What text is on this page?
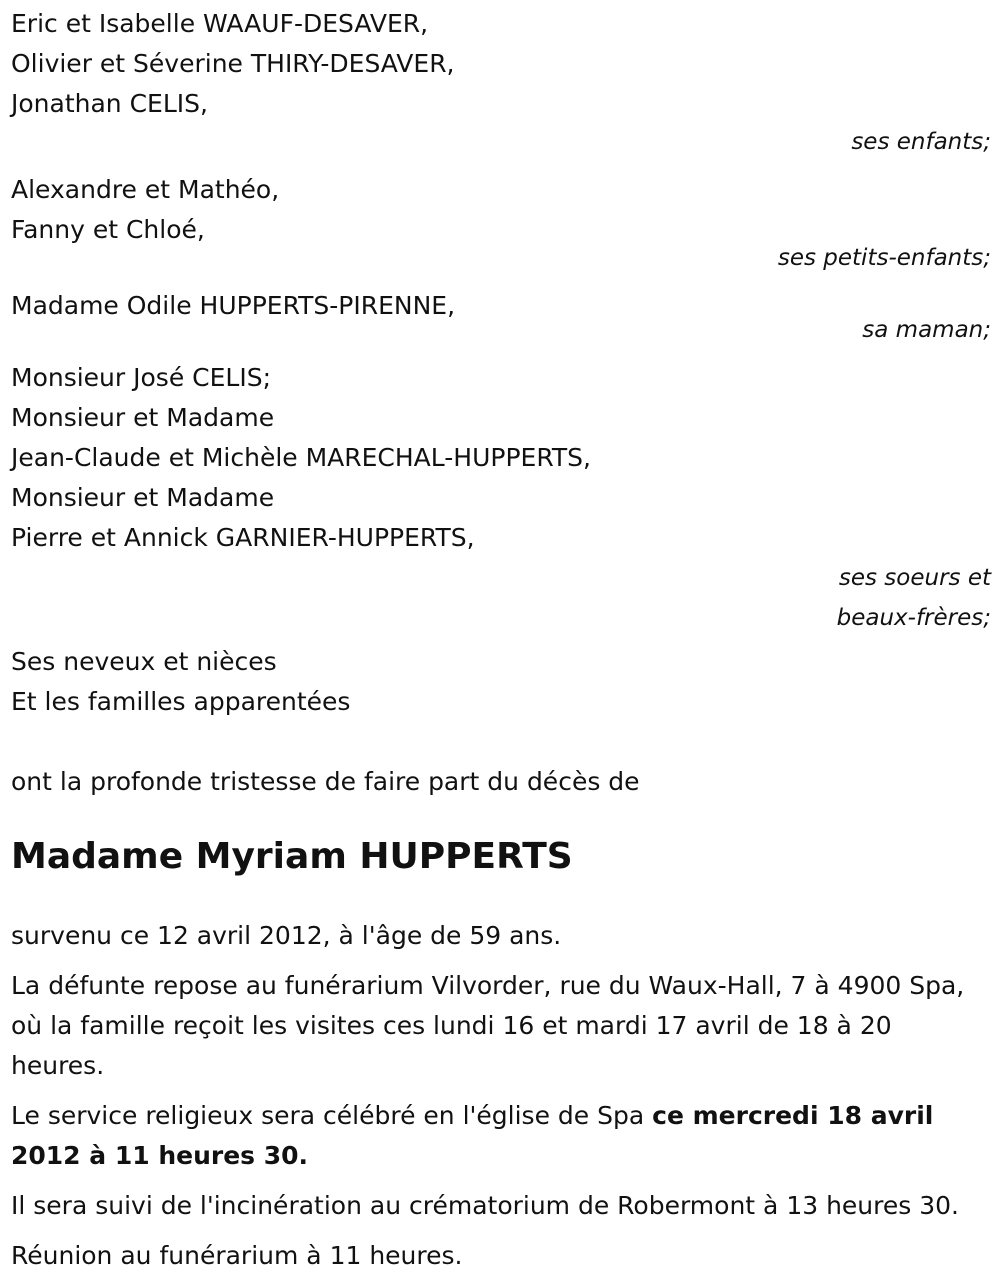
Eric et Isabelle WAAUF-DESAVER,
Olivier et Séverine THIRY-DESAVER,
Jonathan CELIS,
ses enfants;
Alexandre et Mathéo,
Fanny et Chloé,
ses petits-enfants;
Madame Odile HUPPERTS-PIRENNE,
sa maman;
Monsieur José CELIS;
Monsieur et Madame
Jean-Claude et Michèle MARECHAL-HUPPERTS,
Monsieur et Madame
Pierre et Annick GARNIER-HUPPERTS,
ses soeurs et
beaux-frères;
Ses neveux et nièces
Et les familles apparentées
ont la profonde tristesse de faire part du décès de
Madame Myriam HUPPERTS

survenu ce 12 avril 2012, à l'âge de 59 ans.

La défunte repose au funérarium Vilvorder, rue du Waux-Hall, 7 à 4900 Spa, où la famille reçoit les visites ces lundi 16 et mardi 17 avril de 18 à 20 heures.

Le service religieux sera célébré en l'église de Spa ce mercredi 18 avril 2012 à 11 heures 30.

Il sera suivi de l'incinération au crématorium de Robermont à 13 heures 30.

Réunion au funérarium à 11 heures.
